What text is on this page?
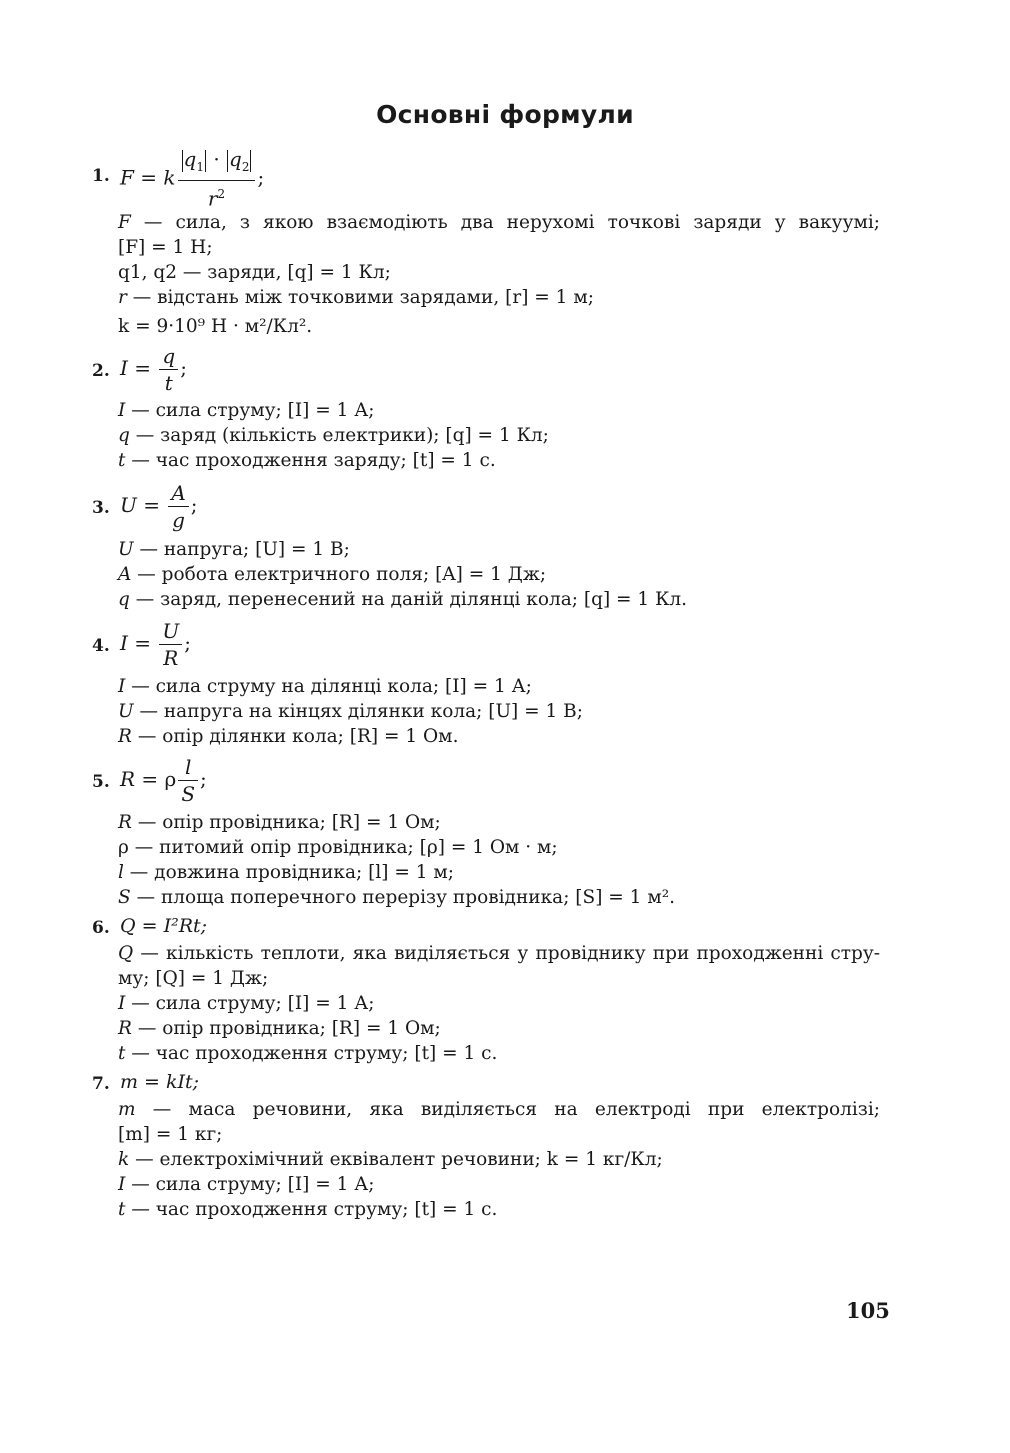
Основні формули
1. F = k $\frac{q_1 \cdot q_2}{r^2}$ ;
F — сила, з якою взаємодіють два нерухомі точкові заряди у вакуумі;
[F] = 1 Н;
q1, q2 — заряди, [q] = 1 Кл;
r — відстань між точковими зарядами, [r] = 1 м;
k = 9·10⁹ Н · м²/Кл².
2. $I = \frac{q}{t}$ ;
I — сила струму; [I] = 1 А;
q — заряд (кількість електрики); [q] = 1 Кл;
t — час проходження заряду; [t] = 1 с.
3. $U = \frac{A}{g}$ ;
U — напруга; [U] = 1 В;
A — робота електричного поля; [A] = 1 Дж;
q — заряд, перенесений на даній ділянці кола; [q] = 1 Кл.
4. $I = \frac{U}{R}$ ;
I — сила струму на ділянці кола; [I] = 1 А;
U — напруга на кінцях ділянки кола; [U] = 1 В;
R — опір ділянки кола; [R] = 1 Ом.
5. R = ρ $\frac{l}{S}$ ;
R — опір провідника; [R] = 1 Ом;
ρ — питомий опір провідника; [ρ] = 1 Ом · м;
l — довжина провідника; [l] = 1 м;
S — площа поперечного перерізу провідника; [S] = 1 м².
6. Q = I²Rt;
Q — кількість теплоти, яка виділяється у провіднику при проходженні стру-
му; [Q] = 1 Дж;
I — сила струму; [I] = 1 А;
R — опір провідника; [R] = 1 Ом;
t — час проходження струму; [t] = 1 с.
7. m = kIt;
m — маса речовини, яка виділяється на електроді при електролізі;
[m] = 1 кг;
k — електрохімічний еквівалент речовини; k = 1 кг/Кл;
I — сила струму; [I] = 1 А;
t — час проходження струму; [t] = 1 с.
105
